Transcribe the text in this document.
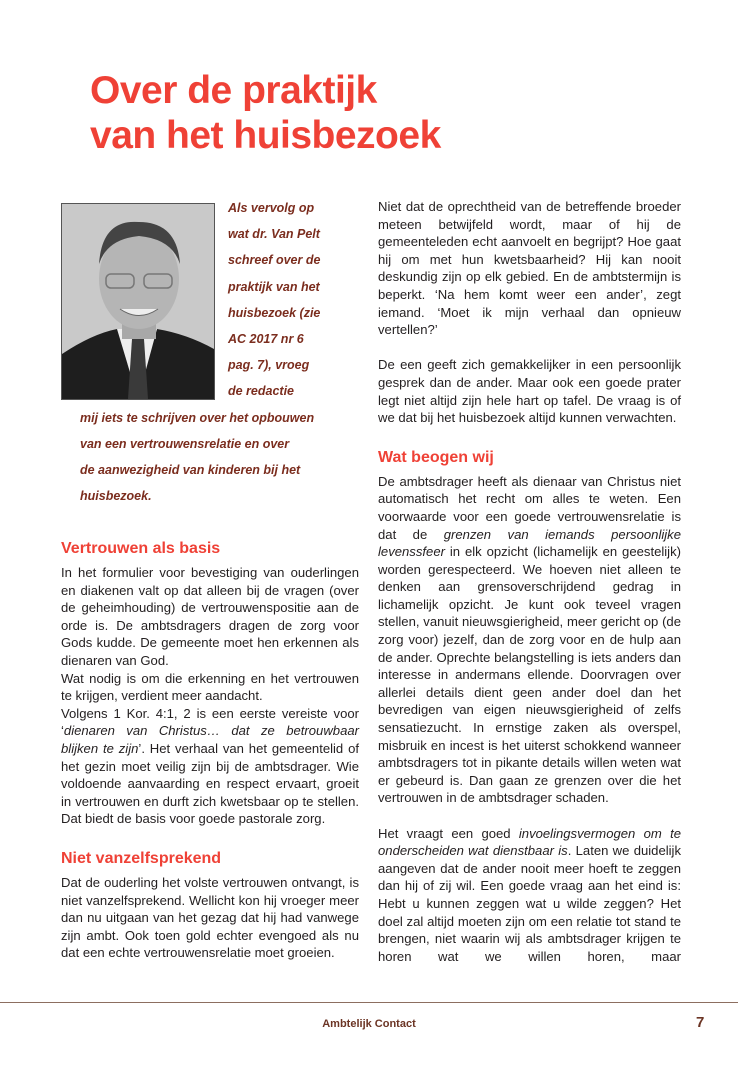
Over de praktijk
van het huisbezoek
Als vervolg op
wat dr. Van Pelt
schreef over de
praktijk van het
huisbezoek (zie
AC 2017 nr 6
pag. 7), vroeg
de redactie
mij iets te schrijven over het opbouwen
van een vertrouwensrelatie en over
de aanwezigheid van kinderen bij het
huisbezoek.
Vertrouwen als basis

In het formulier voor bevestiging van ouderlingen en diakenen valt op dat alleen bij de vragen (over de geheimhouding) de vertrouwenspositie aan de orde is. De ambtsdragers dragen de zorg voor Gods kudde. De gemeente moet hen erkennen als dienaren van God.

Wat nodig is om die erkenning en het vertrouwen te krijgen, verdient meer aandacht.

Volgens 1 Kor. 4:1, 2 is een eerste vereiste voor ‘dienaren van Christus… dat ze betrouwbaar blijken te zijn’. Het verhaal van het gemeentelid of het gezin moet veilig zijn bij de ambtsdrager. Wie voldoende aanvaarding en respect ervaart, groeit in vertrouwen en durft zich kwetsbaar op te stellen. Dat biedt de basis voor goede pastorale zorg.

Niet vanzelfsprekend

Dat de ouderling het volste vertrouwen ontvangt, is niet vanzelfsprekend. Wellicht kon hij vroeger meer dan nu uitgaan van het gezag dat hij had vanwege zijn ambt. Ook toen gold echter evengoed als nu dat een echte vertrouwensrelatie moet groeien.

Niet dat de oprechtheid van de betreffende broeder meteen betwijfeld wordt, maar of hij de gemeenteleden echt aanvoelt en begrijpt? Hoe gaat hij om met hun kwetsbaarheid? Hij kan nooit deskundig zijn op elk gebied. En de ambtstermijn is beperkt. ‘Na hem komt weer een ander’, zegt iemand. ‘Moet ik mijn verhaal dan opnieuw vertellen?’

De een geeft zich gemakkelijker in een persoonlijk gesprek dan de ander. Maar ook een goede prater legt niet altijd zijn hele hart op tafel. De vraag is of we dat bij het huisbezoek altijd kunnen verwachten.

Wat beogen wij

De ambtsdrager heeft als dienaar van Christus niet automatisch het recht om alles te weten. Een voorwaarde voor een goede vertrouwensrelatie is dat de grenzen van iemands persoonlijke levenssfeer in elk opzicht (lichamelijk en geestelijk) worden gerespecteerd. We hoeven niet alleen te denken aan grensoverschrijdend gedrag in lichamelijk opzicht. Je kunt ook teveel vragen stellen, vanuit nieuwsgierigheid, meer gericht op (de zorg voor) jezelf, dan de zorg voor en de hulp aan de ander. Oprechte belangstelling is iets anders dan interesse in andermans ellende. Doorvragen over allerlei details dient geen ander doel dan het bevredigen van eigen nieuwsgierigheid of zelfs sensatiezucht. In ernstige zaken als overspel, misbruik en incest is het uiterst schokkend wanneer ambtsdragers tot in pikante details willen weten wat er gebeurd is. Dan gaan ze grenzen over die het vertrouwen in de ambtsdrager schaden.

Het vraagt een goed invoelingsvermogen om te onderscheiden wat dienstbaar is. Laten we duidelijk aangeven dat de ander nooit meer hoeft te zeggen dan hij of zij wil. Een goede vraag aan het eind is: Hebt u kunnen zeggen wat u wilde zeggen? Het doel zal altijd moeten zijn om een relatie tot stand te brengen, niet waarin wij als ambtsdrager krijgen te horen wat we willen horen, maar

Ambtelijk Contact	7
